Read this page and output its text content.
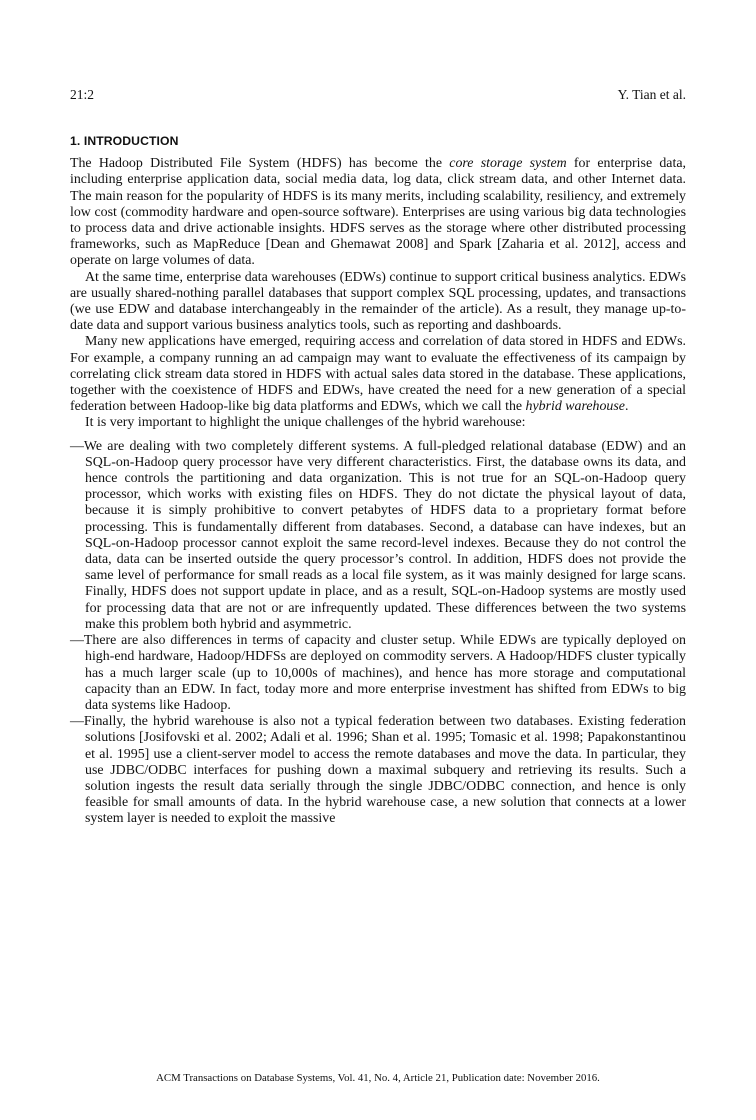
21:2	Y. Tian et al.
1. INTRODUCTION

The Hadoop Distributed File System (HDFS) has become the core storage system for enterprise data, including enterprise application data, social media data, log data, click stream data, and other Internet data. The main reason for the popularity of HDFS is its many merits, including scalability, resiliency, and extremely low cost (commodity hardware and open-source software). Enterprises are using various big data technologies to process data and drive actionable insights. HDFS serves as the storage where other distributed processing frameworks, such as MapReduce [Dean and Ghemawat 2008] and Spark [Zaharia et al. 2012], access and operate on large volumes of data.

At the same time, enterprise data warehouses (EDWs) continue to support critical business analytics. EDWs are usually shared-nothing parallel databases that support complex SQL processing, updates, and transactions (we use EDW and database interchangeably in the remainder of the article). As a result, they manage up-to-date data and support various business analytics tools, such as reporting and dashboards.

Many new applications have emerged, requiring access and correlation of data stored in HDFS and EDWs. For example, a company running an ad campaign may want to evaluate the effectiveness of its campaign by correlating click stream data stored in HDFS with actual sales data stored in the database. These applications, together with the coexistence of HDFS and EDWs, have created the need for a new generation of a special federation between Hadoop-like big data platforms and EDWs, which we call the hybrid warehouse.

It is very important to highlight the unique challenges of the hybrid warehouse:

—We are dealing with two completely different systems. A full-pledged relational database (EDW) and an SQL-on-Hadoop query processor have very different characteristics. First, the database owns its data, and hence controls the partitioning and data organization. This is not true for an SQL-on-Hadoop query processor, which works with existing files on HDFS. They do not dictate the physical layout of data, because it is simply prohibitive to convert petabytes of HDFS data to a proprietary format before processing. This is fundamentally different from databases. Second, a database can have indexes, but an SQL-on-Hadoop processor cannot exploit the same record-level indexes. Because they do not control the data, data can be inserted outside the query processor’s control. In addition, HDFS does not provide the same level of performance for small reads as a local file system, as it was mainly designed for large scans. Finally, HDFS does not support update in place, and as a result, SQL-on-Hadoop systems are mostly used for processing data that are not or are infrequently updated. These differences between the two systems make this problem both hybrid and asymmetric.

—There are also differences in terms of capacity and cluster setup. While EDWs are typically deployed on high-end hardware, Hadoop/HDFSs are deployed on commodity servers. A Hadoop/HDFS cluster typically has a much larger scale (up to 10,000s of machines), and hence has more storage and computational capacity than an EDW. In fact, today more and more enterprise investment has shifted from EDWs to big data systems like Hadoop.

—Finally, the hybrid warehouse is also not a typical federation between two databases. Existing federation solutions [Josifovski et al. 2002; Adali et al. 1996; Shan et al. 1995; Tomasic et al. 1998; Papakonstantinou et al. 1995] use a client-server model to access the remote databases and move the data. In particular, they use JDBC/ODBC interfaces for pushing down a maximal subquery and retrieving its results. Such a solution ingests the result data serially through the single JDBC/ODBC connection, and hence is only feasible for small amounts of data. In the hybrid warehouse case, a new solution that connects at a lower system layer is needed to exploit the massive

ACM Transactions on Database Systems, Vol. 41, No. 4, Article 21, Publication date: November 2016.
